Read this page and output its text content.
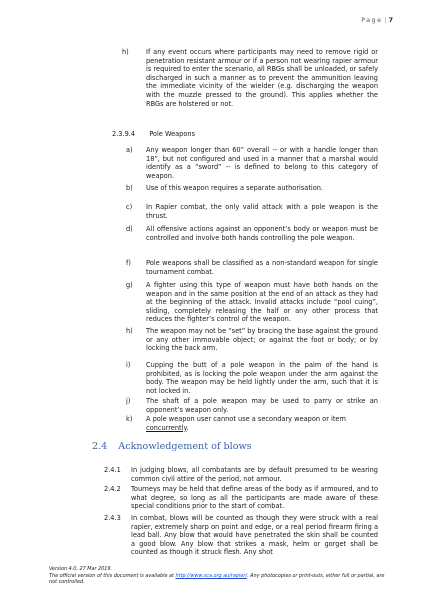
Page | 7
h)	If any event occurs where participants may need to remove rigid or penetration resistant armour or if a person not wearing rapier armour is required to enter the scenario, all RBGs shall be unloaded, or safely discharged in such a manner as to prevent the ammunition leaving the immediate vicinity of the wielder (e.g. discharging the weapon with the muzzle pressed to the ground). This applies whether the RBGs are holstered or not.
2.3.9.4 Pole Weapons
a) Any weapon longer than 60” overall -- or with a handle longer than 18”, but not configured and used in a manner that a marshal would identify as a “sword” -- is defined to belong to this category of weapon.
b) Use of this weapon requires a separate authorisation.
c) In Rapier combat, the only valid attack with a pole weapon is the thrust.
d) All offensive actions against an opponent’s body or weapon must be controlled and involve both hands controlling the pole weapon.
f) Pole weapons shall be classified as a non-standard weapon for single tournament combat.
g) A fighter using this type of weapon must have both hands on the weapon and in the same position at the end of an attack as they had at the beginning of the attack. Invalid attacks include “pool cuing”, sliding, completely releasing the half or any other process that reduces the fighter’s control of the weapon.
h) The weapon may not be “set” by bracing the base against the ground or any other immovable object; or against the foot or body; or by locking the back arm.
i) Cupping the butt of a pole weapon in the palm of the hand is prohibited, as is locking the pole weapon under the arm against the body. The weapon may be held lightly under the arm, such that it is not locked in.
j) The shaft of a pole weapon may be used to parry or strike an opponent’s weapon only.
k) A pole weapon user cannot use a secondary weapon or item concurrently.
2.4 Acknowledgement of blows
2.4.1 In judging blows, all combatants are by default presumed to be wearing common civil attire of the period, not armour.
2.4.2 Tourneys may be held that define areas of the body as if armoured, and to what degree, so long as all the participants are made aware of these special conditions prior to the start of combat.
2.4.3 In combat, blows will be counted as though they were struck with a real rapier, extremely sharp on point and edge, or a real period firearm firing a lead ball. Any blow that would have penetrated the skin shall be counted a good blow. Any blow that strikes a mask, helm or gorget shall be counted as though it struck flesh. Any shot
Version 4.0, 27 Mar 2019.
The official version of this document is available at http://www.sca.org.au/rapier/. Any photocopies or print-outs, either full or partial, are not controlled.
